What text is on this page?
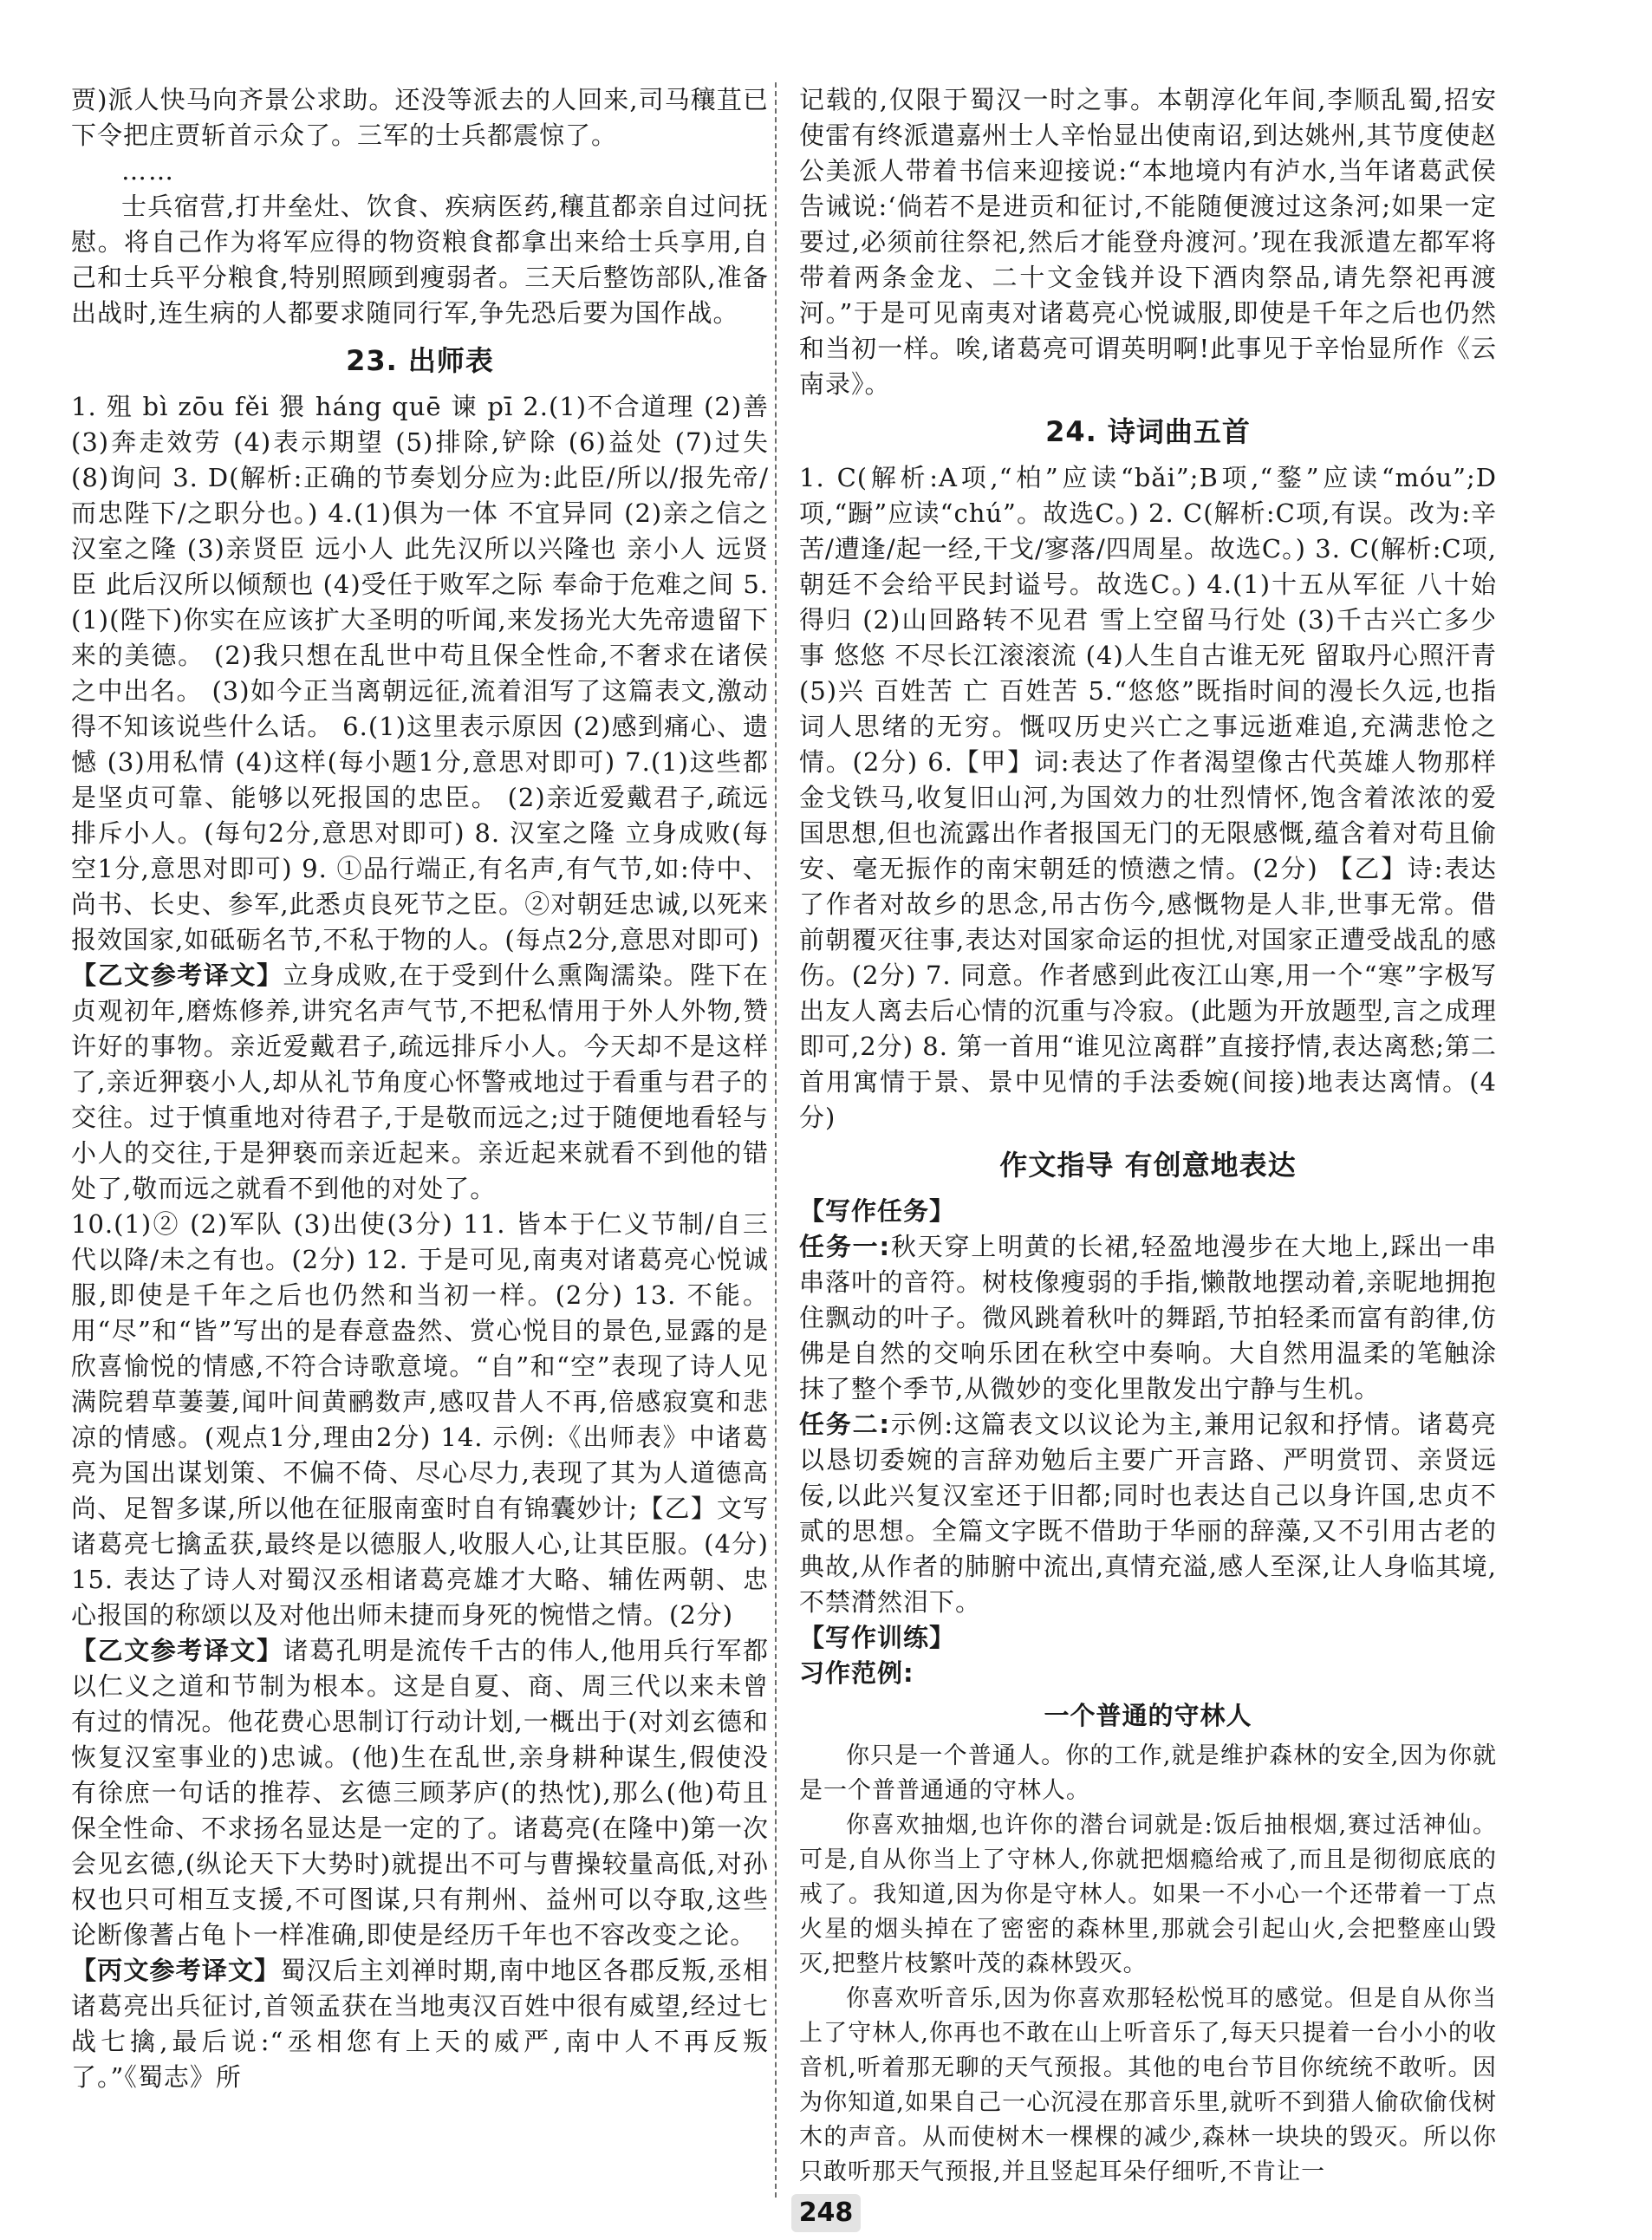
贾)派人快马向齐景公求助。还没等派去的人回来,司马穰苴已下令把庄贾斩首示众了。三军的士兵都震惊了。

……

士兵宿营,打井垒灶、饮食、疾病医药,穰苴都亲自过问抚慰。将自己作为将军应得的物资粮食都拿出来给士兵享用,自己和士兵平分粮食,特别照顾到瘦弱者。三天后整饬部队,准备出战时,连生病的人都要求随同行军,争先恐后要为国作战。

23. 出师表

1. 殂 bì zōu fěi 猥 háng quē 谏 pī 2.(1)不合道理 (2)善 (3)奔走效劳 (4)表示期望 (5)排除,铲除 (6)益处 (7)过失 (8)询问 3. D(解析:正确的节奏划分应为:此臣/所以/报先帝/而忠陛下/之职分也。) 4.(1)俱为一体 不宜异同 (2)亲之信之 汉室之隆 (3)亲贤臣 远小人 此先汉所以兴隆也 亲小人 远贤臣 此后汉所以倾颓也 (4)受任于败军之际 奉命于危难之间 5.(1)(陛下)你实在应该扩大圣明的听闻,来发扬光大先帝遗留下来的美德。 (2)我只想在乱世中苟且保全性命,不奢求在诸侯之中出名。 (3)如今正当离朝远征,流着泪写了这篇表文,激动得不知该说些什么话。 6.(1)这里表示原因 (2)感到痛心、遗憾 (3)用私情 (4)这样(每小题1分,意思对即可) 7.(1)这些都是坚贞可靠、能够以死报国的忠臣。 (2)亲近爱戴君子,疏远排斥小人。(每句2分,意思对即可) 8. 汉室之隆 立身成败(每空1分,意思对即可) 9. ①品行端正,有名声,有气节,如:侍中、尚书、长史、参军,此悉贞良死节之臣。②对朝廷忠诚,以死来报效国家,如砥砺名节,不私于物的人。(每点2分,意思对即可)

【乙文参考译文】立身成败,在于受到什么熏陶濡染。陛下在贞观初年,磨炼修养,讲究名声气节,不把私情用于外人外物,赞许好的事物。亲近爱戴君子,疏远排斥小人。今天却不是这样了,亲近狎亵小人,却从礼节角度心怀警戒地过于看重与君子的交往。过于慎重地对待君子,于是敬而远之;过于随便地看轻与小人的交往,于是狎亵而亲近起来。亲近起来就看不到他的错处了,敬而远之就看不到他的对处了。

10.(1)② (2)军队 (3)出使(3分) 11. 皆本于仁义节制/自三代以降/未之有也。(2分) 12. 于是可见,南夷对诸葛亮心悦诚服,即使是千年之后也仍然和当初一样。(2分) 13. 不能。用“尽”和“皆”写出的是春意盎然、赏心悦目的景色,显露的是欣喜愉悦的情感,不符合诗歌意境。“自”和“空”表现了诗人见满院碧草萋萋,闻叶间黄鹂数声,感叹昔人不再,倍感寂寞和悲凉的情感。(观点1分,理由2分) 14. 示例:《出师表》中诸葛亮为国出谋划策、不偏不倚、尽心尽力,表现了其为人道德高尚、足智多谋,所以他在征服南蛮时自有锦囊妙计;【乙】文写诸葛亮七擒孟获,最终是以德服人,收服人心,让其臣服。(4分) 15. 表达了诗人对蜀汉丞相诸葛亮雄才大略、辅佐两朝、忠心报国的称颂以及对他出师未捷而身死的惋惜之情。(2分)

【乙文参考译文】诸葛孔明是流传千古的伟人,他用兵行军都以仁义之道和节制为根本。这是自夏、商、周三代以来未曾有过的情况。他花费心思制订行动计划,一概出于(对刘玄德和恢复汉室事业的)忠诚。(他)生在乱世,亲身耕种谋生,假使没有徐庶一句话的推荐、玄德三顾茅庐(的热忱),那么(他)苟且保全性命、不求扬名显达是一定的了。诸葛亮(在隆中)第一次会见玄德,(纵论天下大势时)就提出不可与曹操较量高低,对孙权也只可相互支援,不可图谋,只有荆州、益州可以夺取,这些论断像蓍占龟卜一样准确,即使是经历千年也不容改变之论。

【丙文参考译文】蜀汉后主刘禅时期,南中地区各郡反叛,丞相诸葛亮出兵征讨,首领孟获在当地夷汉百姓中很有威望,经过七战七擒,最后说:“丞相您有上天的威严,南中人不再反叛了。”《蜀志》所

记载的,仅限于蜀汉一时之事。本朝淳化年间,李顺乱蜀,招安使雷有终派遣嘉州士人辛怡显出使南诏,到达姚州,其节度使赵公美派人带着书信来迎接说:“本地境内有泸水,当年诸葛武侯告诫说:‘倘若不是进贡和征讨,不能随便渡过这条河;如果一定要过,必须前往祭祀,然后才能登舟渡河。’现在我派遣左都军将带着两条金龙、二十文金钱并设下酒肉祭品,请先祭祀再渡河。”于是可见南夷对诸葛亮心悦诚服,即使是千年之后也仍然和当初一样。唉,诸葛亮可谓英明啊!此事见于辛怡显所作《云南录》。

24. 诗词曲五首

1. C(解析:A项,“柏”应读“bǎi”;B项,“鍪”应读“móu”;D项,“蹰”应读“chú”。故选C。) 2. C(解析:C项,有误。改为:辛苦/遭逢/起一经,干戈/寥落/四周星。故选C。) 3. C(解析:C项,朝廷不会给平民封谥号。故选C。) 4.(1)十五从军征 八十始得归 (2)山回路转不见君 雪上空留马行处 (3)千古兴亡多少事 悠悠 不尽长江滚滚流 (4)人生自古谁无死 留取丹心照汗青 (5)兴 百姓苦 亡 百姓苦 5.“悠悠”既指时间的漫长久远,也指词人思绪的无穷。慨叹历史兴亡之事远逝难追,充满悲怆之情。(2分) 6.【甲】词:表达了作者渴望像古代英雄人物那样金戈铁马,收复旧山河,为国效力的壮烈情怀,饱含着浓浓的爱国思想,但也流露出作者报国无门的无限感慨,蕴含着对苟且偷安、毫无振作的南宋朝廷的愤懑之情。(2分) 【乙】诗:表达了作者对故乡的思念,吊古伤今,感慨物是人非,世事无常。借前朝覆灭往事,表达对国家命运的担忧,对国家正遭受战乱的感伤。(2分) 7. 同意。作者感到此夜江山寒,用一个“寒”字极写出友人离去后心情的沉重与冷寂。(此题为开放题型,言之成理即可,2分) 8. 第一首用“谁见泣离群”直接抒情,表达离愁;第二首用寓情于景、景中见情的手法委婉(间接)地表达离情。(4分)

作文指导 有创意地表达

【写作任务】

任务一:秋天穿上明黄的长裙,轻盈地漫步在大地上,踩出一串串落叶的音符。树枝像瘦弱的手指,懒散地摆动着,亲昵地拥抱住飘动的叶子。微风跳着秋叶的舞蹈,节拍轻柔而富有韵律,仿佛是自然的交响乐团在秋空中奏响。大自然用温柔的笔触涂抹了整个季节,从微妙的变化里散发出宁静与生机。

任务二:示例:这篇表文以议论为主,兼用记叙和抒情。诸葛亮以恳切委婉的言辞劝勉后主要广开言路、严明赏罚、亲贤远佞,以此兴复汉室还于旧都;同时也表达自己以身许国,忠贞不贰的思想。全篇文字既不借助于华丽的辞藻,又不引用古老的典故,从作者的肺腑中流出,真情充溢,感人至深,让人身临其境,不禁潸然泪下。

【写作训练】

习作范例:

一个普通的守林人

你只是一个普通人。你的工作,就是维护森林的安全,因为你就是一个普普通通的守林人。

你喜欢抽烟,也许你的潜台词就是:饭后抽根烟,赛过活神仙。可是,自从你当上了守林人,你就把烟瘾给戒了,而且是彻彻底底的戒了。我知道,因为你是守林人。如果一不小心一个还带着一丁点火星的烟头掉在了密密的森林里,那就会引起山火,会把整座山毁灭,把整片枝繁叶茂的森林毁灭。

你喜欢听音乐,因为你喜欢那轻松悦耳的感觉。但是自从你当上了守林人,你再也不敢在山上听音乐了,每天只提着一台小小的收音机,听着那无聊的天气预报。其他的电台节目你统统不敢听。因为你知道,如果自己一心沉浸在那音乐里,就听不到猎人偷砍偷伐树木的声音。从而使树木一棵棵的减少,森林一块块的毁灭。所以你只敢听那天气预报,并且竖起耳朵仔细听,不肯让一

248
